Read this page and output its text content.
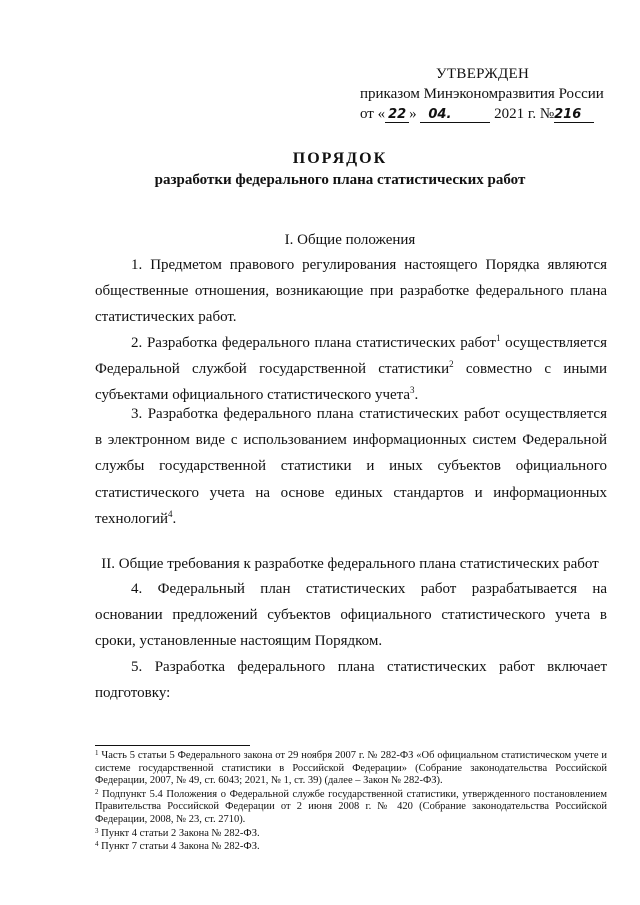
УТВЕРЖДЕН
приказом Минэкономразвития России
от « 22 » 04.	2021 г. №216
ПОРЯДОК
разработки федерального плана статистических работ
I. Общие положения

1. Предметом правового регулирования настоящего Порядка являются общественные отношения, возникающие при разработке федерального плана статистических работ.

2. Разработка федерального плана статистических работ$^1$ осуществляется Федеральной службой государственной статистики$^2$ совместно с иными субъектами официального статистического учета$^3$.

3. Разработка федерального плана статистических работ осуществляется в электронном виде с использованием информационных систем Федеральной службы государственной статистики и иных субъектов официального статистического учета на основе единых стандартов и информационных технологий$^4$.

II. Общие требования к разработке федерального плана статистических работ

4. Федеральный план статистических работ разрабатывается на основании предложений субъектов официального статистического учета в сроки, установленные настоящим Порядком.

5. Разработка федерального плана статистических работ включает подготовку:

$^1$ Часть 5 статьи 5 Федерального закона от 29 ноября 2007 г. № 282-ФЗ «Об официальном статистическом учете и системе государственной статистики в Российской Федерации» (Собрание законодательства Российской Федерации, 2007, № 49, ст. 6043; 2021, № 1, ст. 39) (далее – Закон № 282-ФЗ).

$^2$ Подпункт 5.4 Положения о Федеральной службе государственной статистики, утвержденного постановлением Правительства Российской Федерации от 2 июня 2008 г. № 420 (Собрание законодательства Российской Федерации, 2008, № 23, ст. 2710).

$^3$ Пункт 4 статьи 2 Закона № 282-ФЗ.

$^4$ Пункт 7 статьи 4 Закона № 282-ФЗ.
